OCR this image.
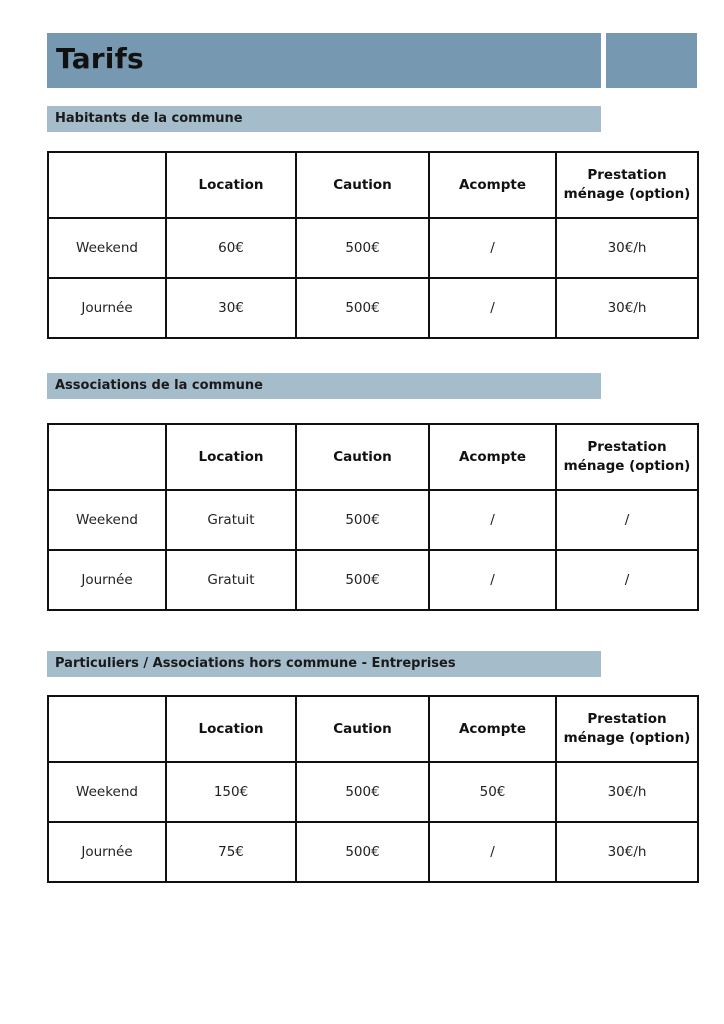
Tarifs
Habitants de la commune
	Location	Caution	Acompte	Prestation
ménage (option)
Weekend	60€	500€	/	30€/h
Journée	30€	500€	/	30€/h
Associations de la commune
	Location	Caution	Acompte	Prestation
ménage (option)
Weekend	Gratuit	500€	/	/
Journée	Gratuit	500€	/	/
Particuliers / Associations hors commune - Entreprises
	Location	Caution	Acompte	Prestation
ménage (option)
Weekend	150€	500€	50€	30€/h
Journée	75€	500€	/	30€/h
